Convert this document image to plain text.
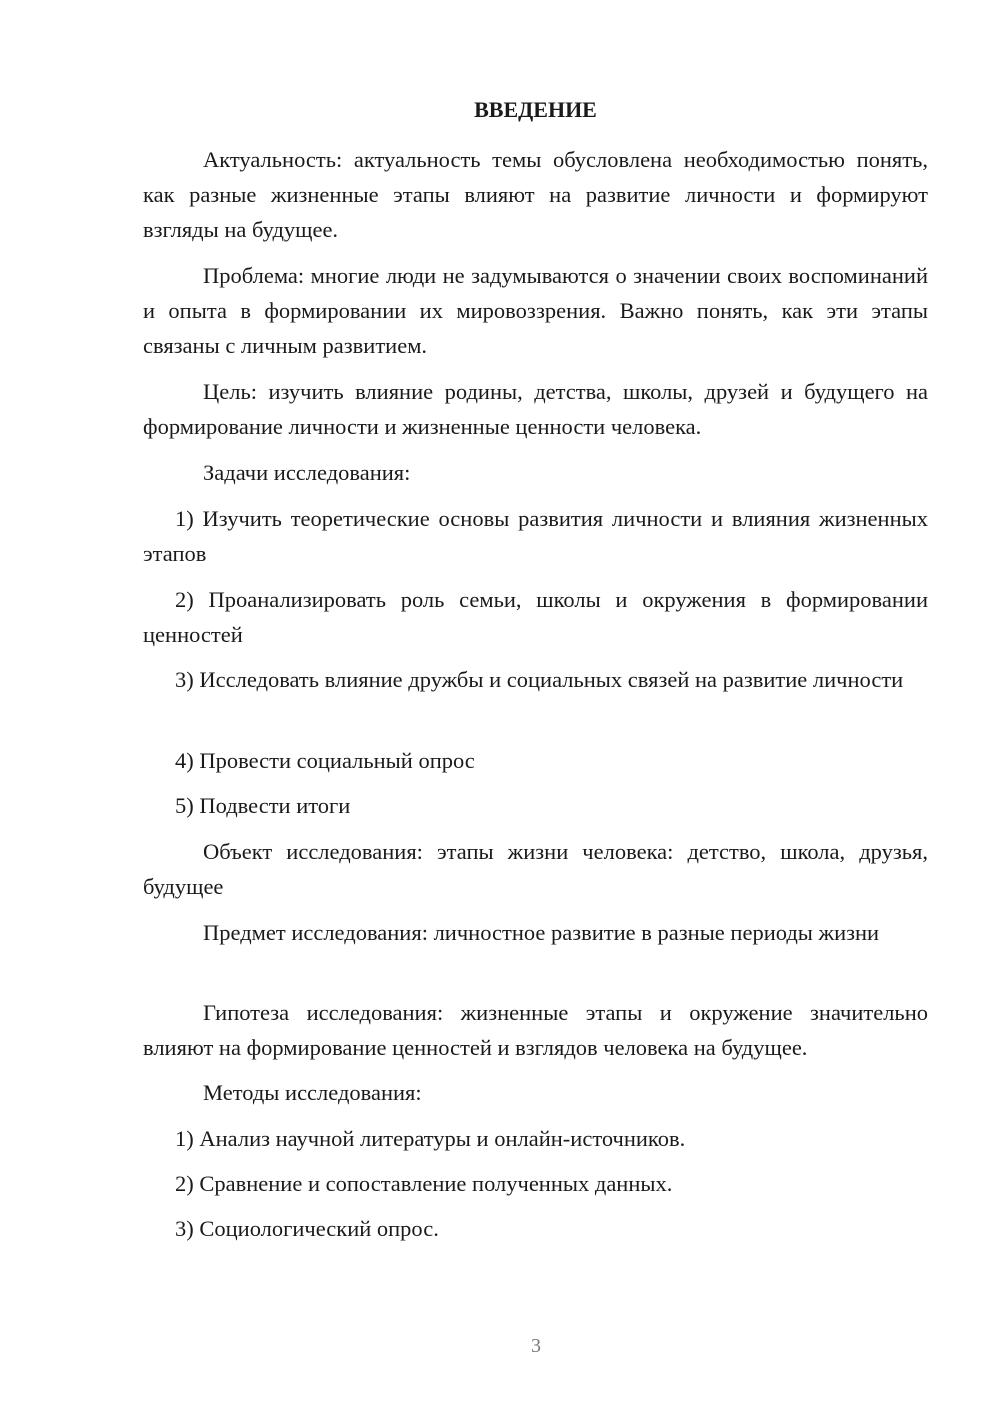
ВВЕДЕНИЕ

Актуальность: актуальность темы обусловлена необходимостью понять, как разные жизненные этапы влияют на развитие личности и формируют взгляды на будущее.

Проблема: многие люди не задумываются о значении своих воспоминаний и опыта в формировании их мировоззрения. Важно понять, как эти этапы связаны с личным развитием.

Цель: изучить влияние родины, детства, школы, друзей и будущего на формирование личности и жизненные ценности человека.

Задачи исследования:

1) Изучить теоретические основы развития личности и влияния жизненных этапов

2) Проанализировать роль семьи, школы и окружения в формировании ценностей

3) Исследовать влияние дружбы и социальных связей на развитие личности

4) Провести социальный опрос

5) Подвести итоги

Объект исследования: этапы жизни человека: детство, школа, друзья, будущее

Предмет исследования: личностное развитие в разные периоды жизни

Гипотеза исследования: жизненные этапы и окружение значительно влияют на формирование ценностей и взглядов человека на будущее.

Методы исследования:

1) Анализ научной литературы и онлайн-источников.

2) Сравнение и сопоставление полученных данных.

3) Социологический опрос.

3
